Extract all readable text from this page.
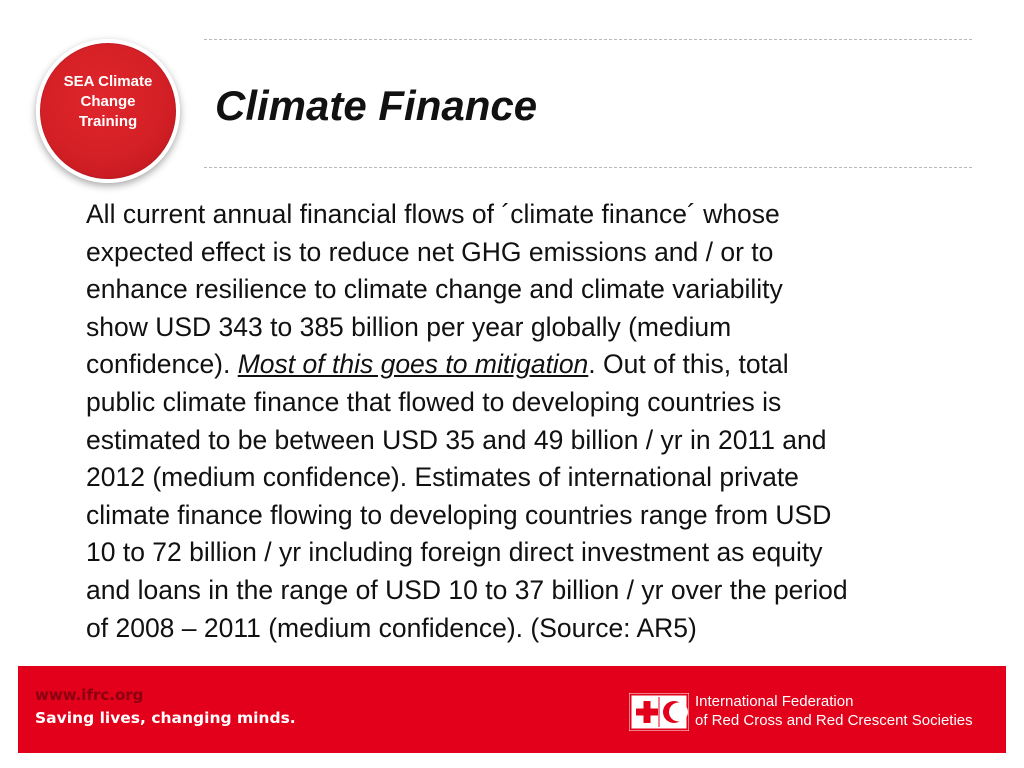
SEA Climate
Change
Training	Climate Finance

All current annual financial flows of ´climate finance´ whose
expected effect is to reduce net GHG emissions and / or to
enhance resilience to climate change and climate variability
show USD 343 to 385 billion per year globally (medium
confidence). Most of this goes to mitigation. Out of this, total
public climate finance that flowed to developing countries is
estimated to be between USD 35 and 49 billion / yr in 2011 and
2012 (medium confidence). Estimates of international private
climate finance flowing to developing countries range from USD
10 to 72 billion / yr including foreign direct investment as equity
and loans in the range of USD 10 to 37 billion / yr over the period
of 2008 – 2011 (medium confidence). (Source: AR5)

www.ifrc.org
Saving lives, changing minds.
International Federation
of Red Cross and Red Crescent Societies
